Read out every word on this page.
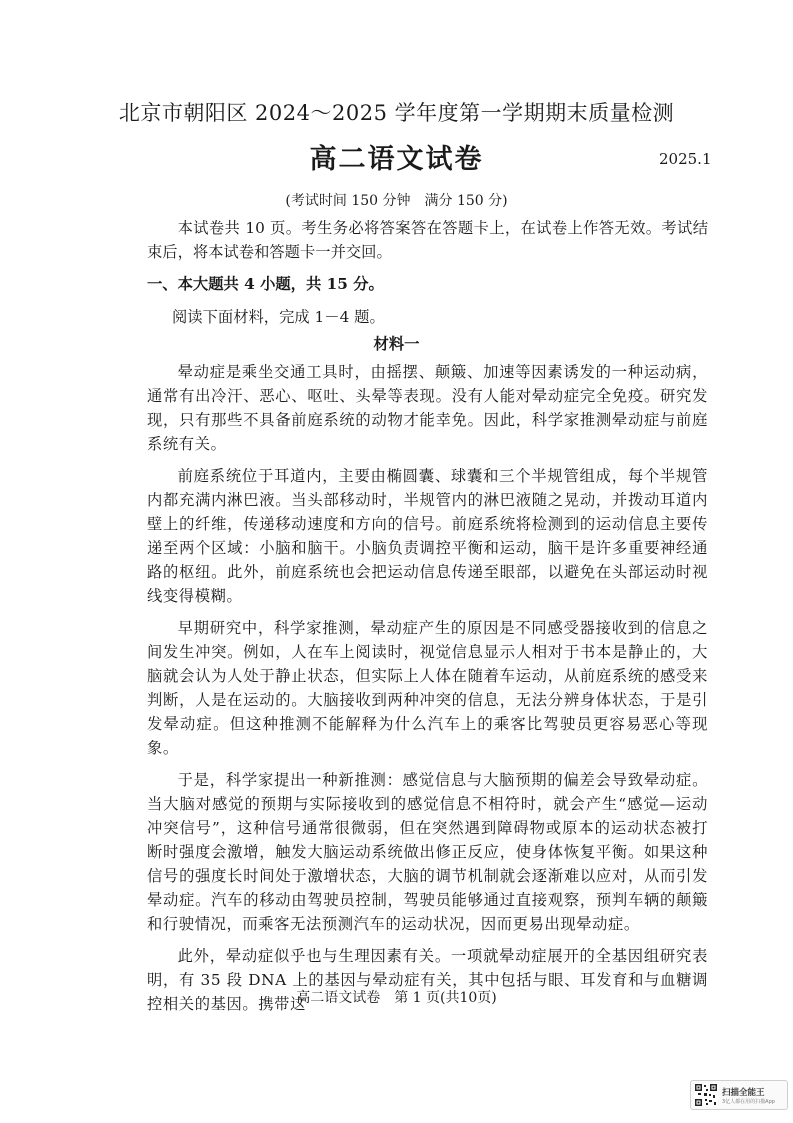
北京市朝阳区 2024～2025 学年度第一学期期末质量检测
高二语文试卷	2025.1
(考试时间 150 分钟　满分 150 分)

本试卷共 10 页。考生务必将答案答在答题卡上，在试卷上作答无效。考试结束后，将本试卷和答题卡一并交回。

一、本大题共 4 小题，共 15 分。
阅读下面材料，完成 1－4 题。
材料一

晕动症是乘坐交通工具时，由摇摆、颠簸、加速等因素诱发的一种运动病，通常有出冷汗、恶心、呕吐、头晕等表现。没有人能对晕动症完全免疫。研究发现，只有那些不具备前庭系统的动物才能幸免。因此，科学家推测晕动症与前庭系统有关。

前庭系统位于耳道内，主要由椭圆囊、球囊和三个半规管组成，每个半规管内都充满内淋巴液。当头部移动时，半规管内的淋巴液随之晃动，并拨动耳道内壁上的纤维，传递移动速度和方向的信号。前庭系统将检测到的运动信息主要传递至两个区域：小脑和脑干。小脑负责调控平衡和运动，脑干是许多重要神经通路的枢纽。此外，前庭系统也会把运动信息传递至眼部，以避免在头部运动时视线变得模糊。

早期研究中，科学家推测，晕动症产生的原因是不同感受器接收到的信息之间发生冲突。例如，人在车上阅读时，视觉信息显示人相对于书本是静止的，大脑就会认为人处于静止状态，但实际上人体在随着车运动，从前庭系统的感受来判断，人是在运动的。大脑接收到两种冲突的信息，无法分辨身体状态，于是引发晕动症。但这种推测不能解释为什么汽车上的乘客比驾驶员更容易恶心等现象。

于是，科学家提出一种新推测：感觉信息与大脑预期的偏差会导致晕动症。当大脑对感觉的预期与实际接收到的感觉信息不相符时，就会产生“感觉—运动冲突信号”，这种信号通常很微弱，但在突然遇到障碍物或原本的运动状态被打断时强度会激增，触发大脑运动系统做出修正反应，使身体恢复平衡。如果这种信号的强度长时间处于激增状态，大脑的调节机制就会逐渐难以应对，从而引发晕动症。汽车的移动由驾驶员控制，驾驶员能够通过直接观察，预判车辆的颠簸和行驶情况，而乘客无法预测汽车的运动状况，因而更易出现晕动症。

此外，晕动症似乎也与生理因素有关。一项就晕动症展开的全基因组研究表明，有 35 段 DNA 上的基因与晕动症有关，其中包括与眼、耳发育和与血糖调控相关的基因。携带这

高二语文试卷　第 1 页(共10页)
扫描全能王
3亿人都在用的扫描App
